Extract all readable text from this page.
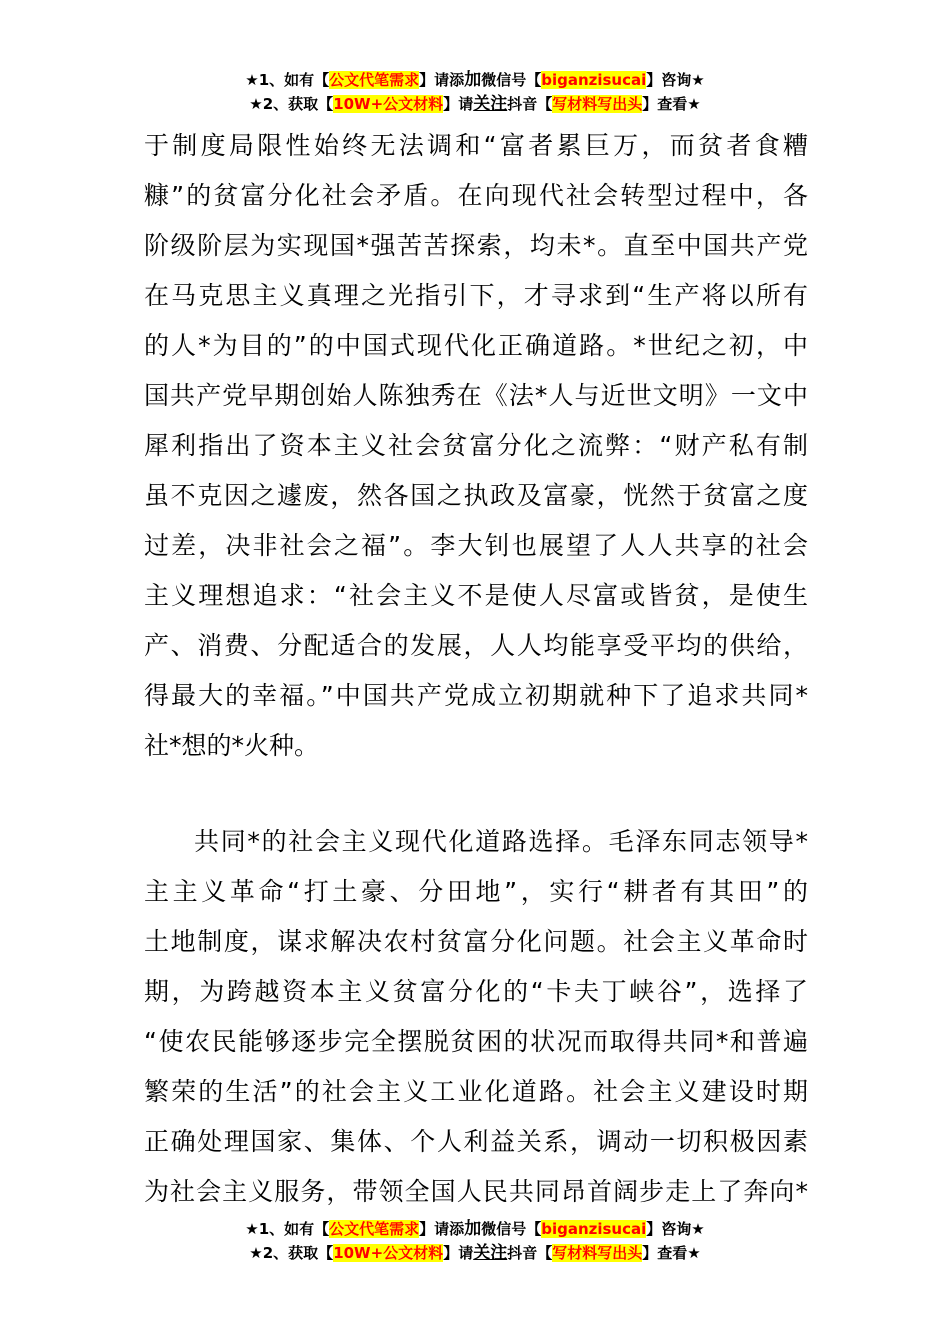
★1、如有【公文代笔需求】请添加微信号【biganzisucai】咨询★
★2、获取【10W+公文材料】请关注抖音【写材料写出头】查看★
于制度局限性始终无法调和“富者累巨万，而贫者食糟
糠”的贫富分化社会矛盾。在向现代社会转型过程中，各
阶级阶层为实现国*强苦苦探索，均未*。直至中国共产党
在马克思主义真理之光指引下，才寻求到“生产将以所有
的人*为目的”的中国式现代化正确道路。*世纪之初，中
国共产党早期创始人陈独秀在《法*人与近世文明》一文中
犀利指出了资本主义社会贫富分化之流弊：“财产私有制
虽不克因之遽废，然各国之执政及富豪，恍然于贫富之度
过差，决非社会之福”。李大钊也展望了人人共享的社会
主义理想追求：“社会主义不是使人尽富或皆贫，是使生
产、消费、分配适合的发展，人人均能享受平均的供给，
得最大的幸福。”中国共产党成立初期就种下了追求共同*
社*想的*火种。
共同*的社会主义现代化道路选择。毛泽东同志领导*
主主义革命“打土豪、分田地”，实行“耕者有其田”的
土地制度，谋求解决农村贫富分化问题。社会主义革命时
期，为跨越资本主义贫富分化的“卡夫丁峡谷”，选择了
“使农民能够逐步完全摆脱贫困的状况而取得共同*和普遍
繁荣的生活”的社会主义工业化道路。社会主义建设时期
正确处理国家、集体、个人利益关系，调动一切积极因素
为社会主义服务，带领全国人民共同昂首阔步走上了奔向*
★1、如有【公文代笔需求】请添加微信号【biganzisucai】咨询★
★2、获取【10W+公文材料】请关注抖音【写材料写出头】查看★
